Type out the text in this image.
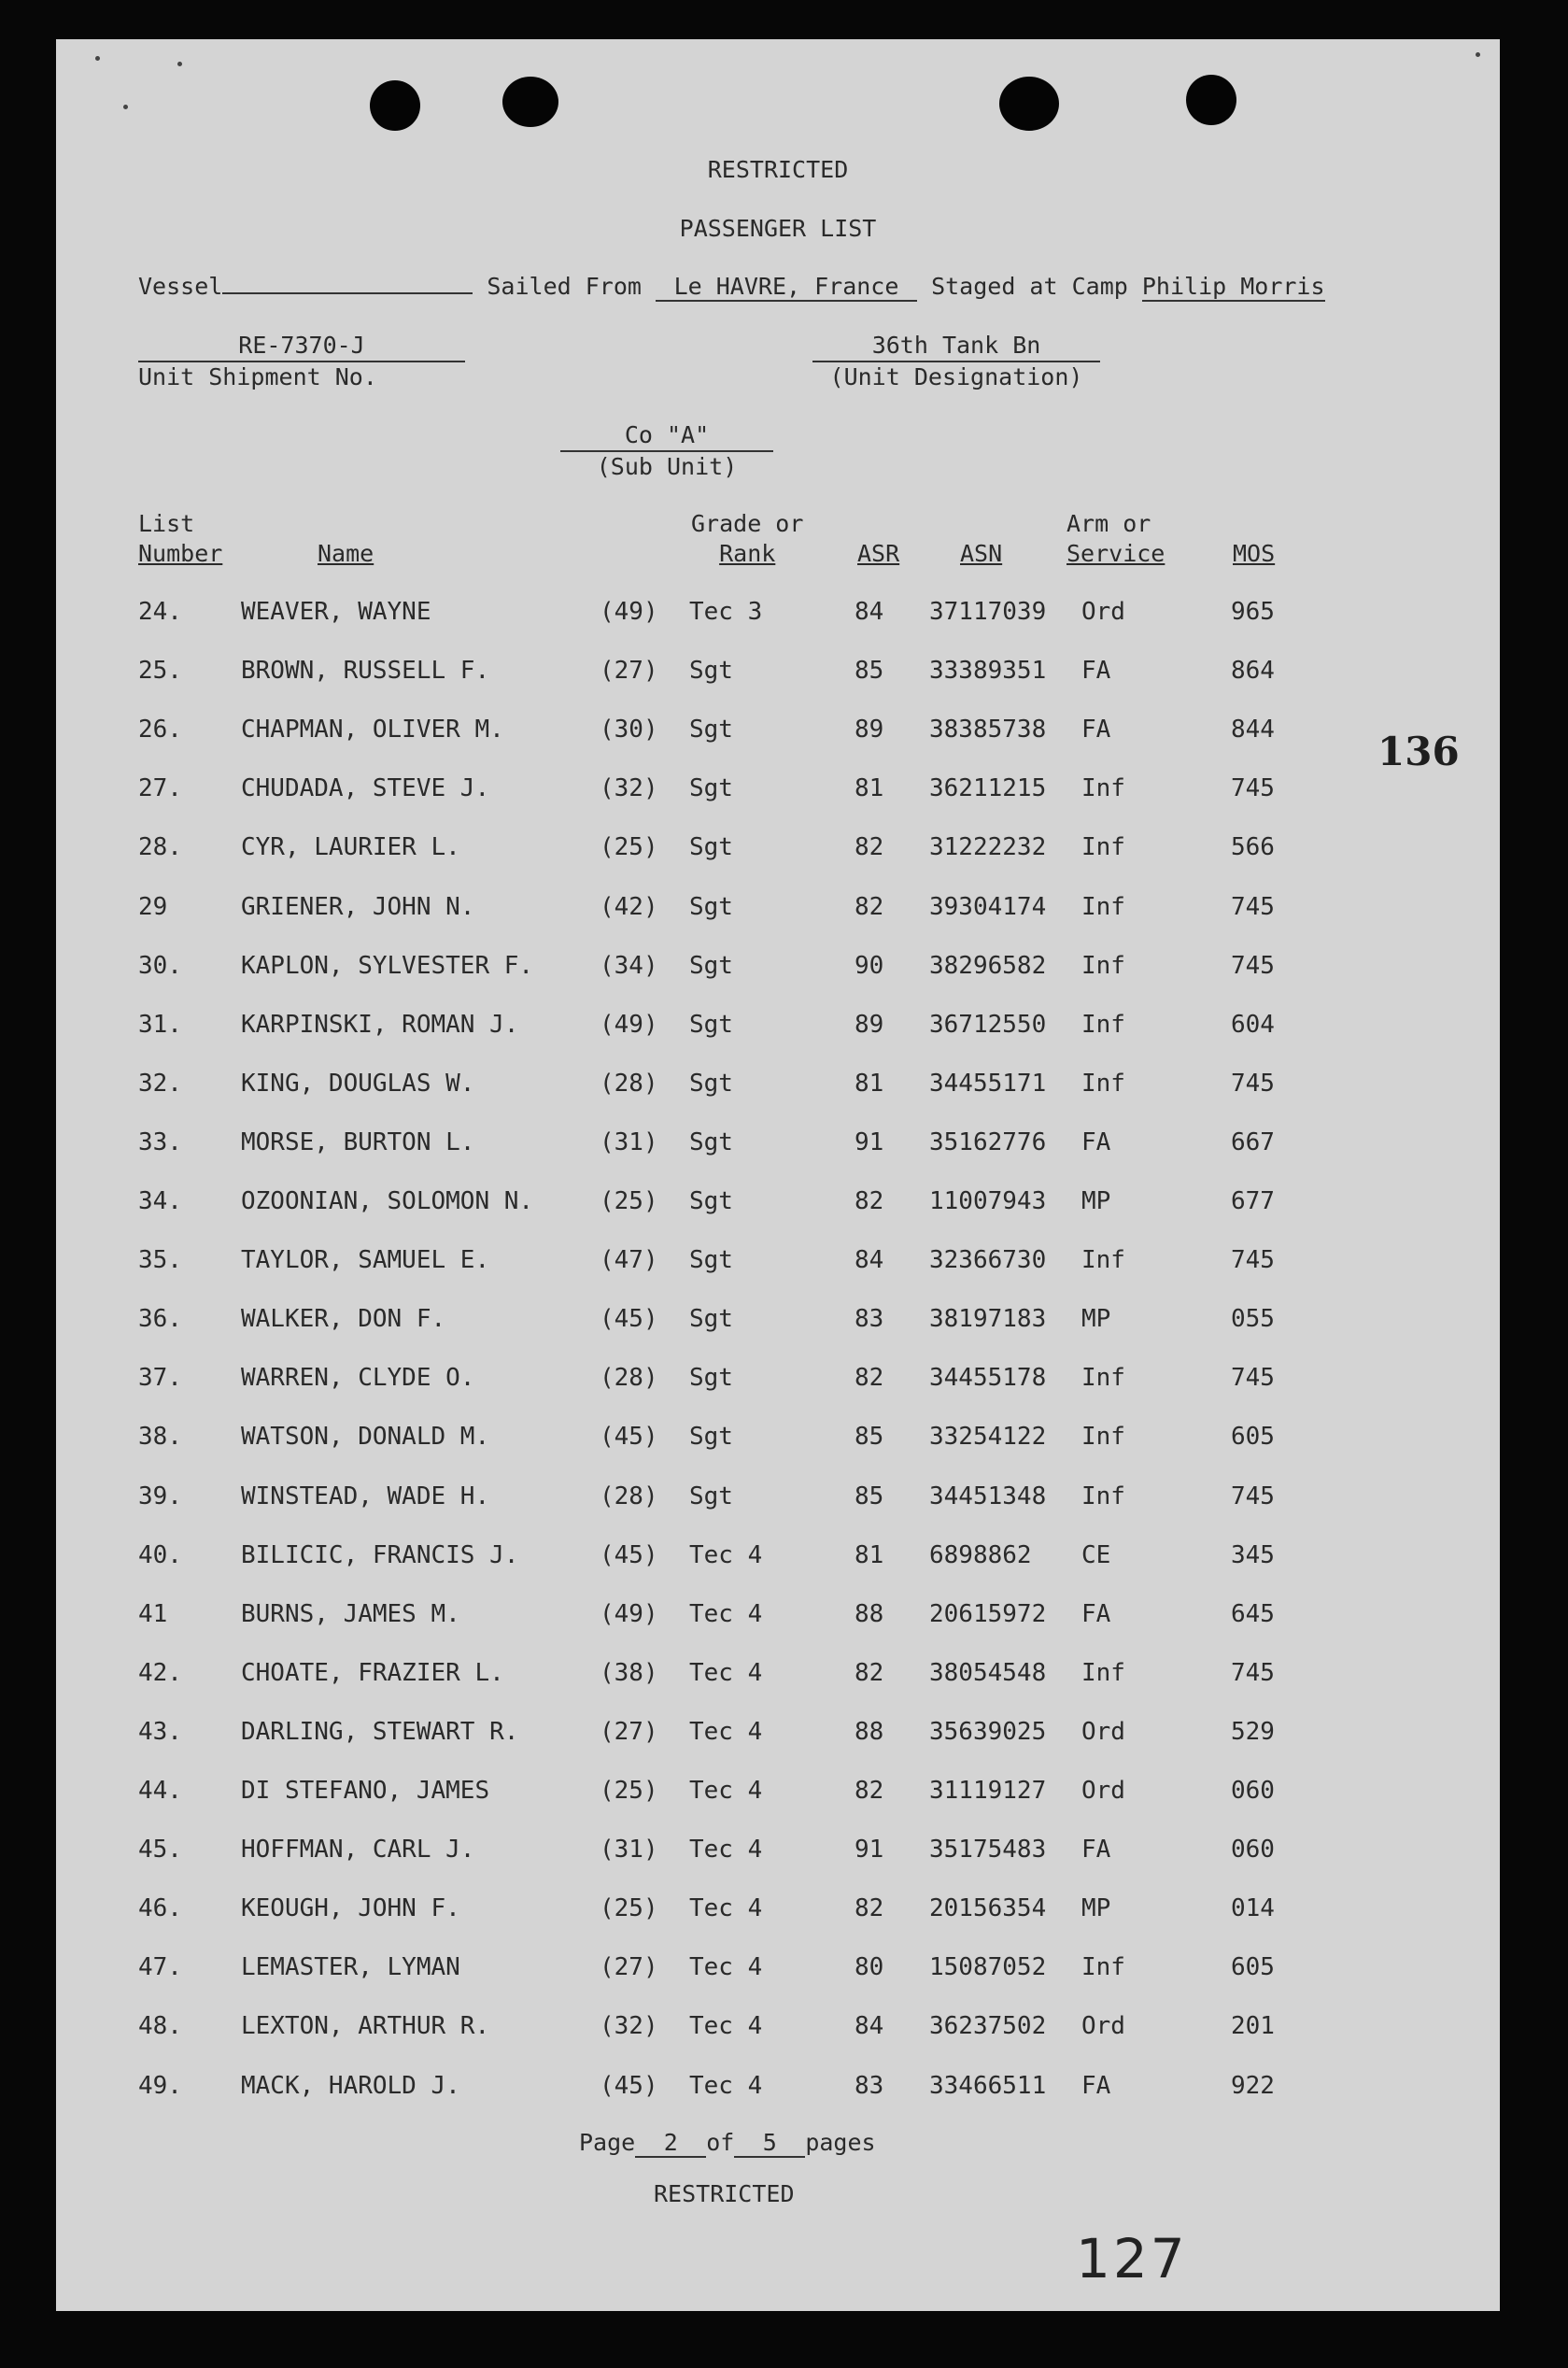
RESTRICTED
PASSENGER LIST
Vessel	Sailed From Le HAVRE, France Staged at Camp Philip Morris
RE-7370-J
Unit Shipment No.
36th Tank Bn
(Unit Designation)
Co "A"
(Sub Unit)
List
Number	Name
Grade or
Rank	ASR	ASN
Arm or
Service	MOS
24. WEAVER, WAYNE	(49) Tec 3	84 37117039 Ord	965
25. BROWN, RUSSELL F.	(27) Sgt	85 33389351 FA	864
26. CHAPMAN, OLIVER M.	(30) Sgt	89 38385738 FA	844
27. CHUDADA, STEVE J.	(32) Sgt	81 36211215 Inf	745
28. CYR, LAURIER L.	(25) Sgt	82 31222232 Inf	566
29	GRIENER, JOHN N.	(42) Sgt	82 39304174 Inf	745
30. KAPLON, SYLVESTER F.	(34) Sgt	90 38296582 Inf	745
31. KARPINSKI, ROMAN J.	(49) Sgt	89 36712550 Inf	604
32. KING, DOUGLAS W.	(28) Sgt	81 34455171 Inf	745
33. MORSE, BURTON L.	(31) Sgt	91 35162776 FA	667
34. OZOONIAN, SOLOMON N.	(25) Sgt	82 11007943 MP	677
35. TAYLOR, SAMUEL E.	(47) Sgt	84 32366730 Inf	745
36. WALKER, DON F.	(45) Sgt	83 38197183 MP	055
37. WARREN, CLYDE O.	(28) Sgt	82 34455178 Inf	745
38. WATSON, DONALD M.	(45) Sgt	85 33254122 Inf	605
39. WINSTEAD, WADE H.	(28) Sgt	85 34451348 Inf	745
40. BILICIC, FRANCIS J.	(45) Tec 4	81 6898862 CE	345
41	BURNS, JAMES M.	(49) Tec 4	88 20615972 FA	645
42. CHOATE, FRAZIER L.	(38) Tec 4	82 38054548 Inf	745
43. DARLING, STEWART R.	(27) Tec 4	88 35639025 Ord	529
44. DI STEFANO, JAMES	(25) Tec 4	82 31119127 Ord	060
45. HOFFMAN, CARL J.	(31) Tec 4	91 35175483 FA	060
46. KEOUGH, JOHN F.	(25) Tec 4	82 20156354 MP	014
47. LEMASTER, LYMAN	(27) Tec 4	80 15087052 Inf	605
48. LEXTON, ARTHUR R.	(32) Tec 4	84 36237502 Ord	201
49. MACK, HAROLD J.	(45) Tec 4	83 33466511 FA	922
136
Page 2 of 5 pages
RESTRICTED
127
